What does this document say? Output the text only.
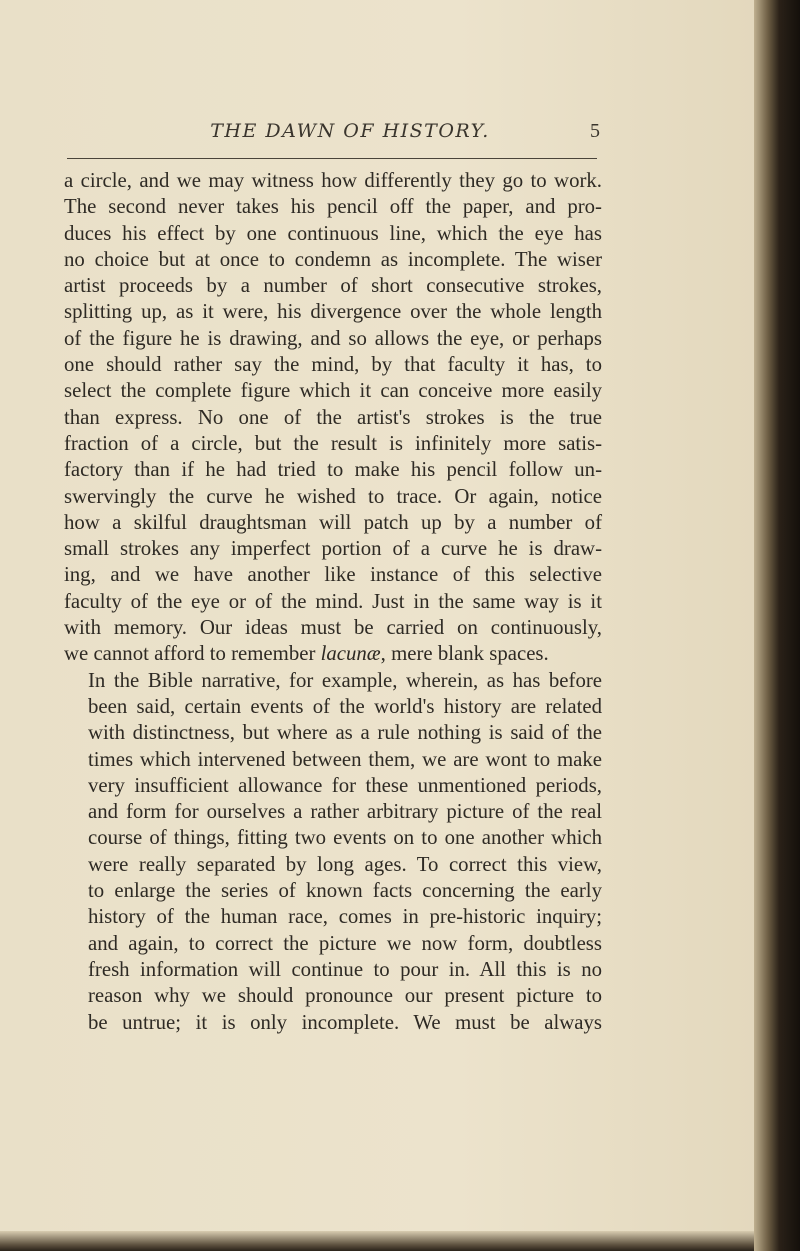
THE DAWN OF HISTORY.	5

a circle, and we may witness how differently they go to work.
The second never takes his pencil off the paper, and pro-
duces his effect by one continuous line, which the eye has
no choice but at once to condemn as incomplete. The wiser
artist proceeds by a number of short consecutive strokes,
splitting up, as it were, his divergence over the whole length
of the figure he is drawing, and so allows the eye, or perhaps
one should rather say the mind, by that faculty it has, to
select the complete figure which it can conceive more easily
than express. No one of the artist's strokes is the true
fraction of a circle, but the result is infinitely more satis-
factory than if he had tried to make his pencil follow un-
swervingly the curve he wished to trace. Or again, notice
how a skilful draughtsman will patch up by a number of
small strokes any imperfect portion of a curve he is draw-
ing, and we have another like instance of this selective
faculty of the eye or of the mind. Just in the same way is it
with memory. Our ideas must be carried on continuously,
we cannot afford to remember lacunæ, mere blank spaces.

In the Bible narrative, for example, wherein, as has before
been said, certain events of the world's history are related
with distinctness, but where as a rule nothing is said of the
times which intervened between them, we are wont to make
very insufficient allowance for these unmentioned periods,
and form for ourselves a rather arbitrary picture of the real
course of things, fitting two events on to one another which
were really separated by long ages. To correct this view,
to enlarge the series of known facts concerning the early
history of the human race, comes in pre-historic inquiry;
and again, to correct the picture we now form, doubtless
fresh information will continue to pour in. All this is no
reason why we should pronounce our present picture to
be untrue; it is only incomplete. We must be always
